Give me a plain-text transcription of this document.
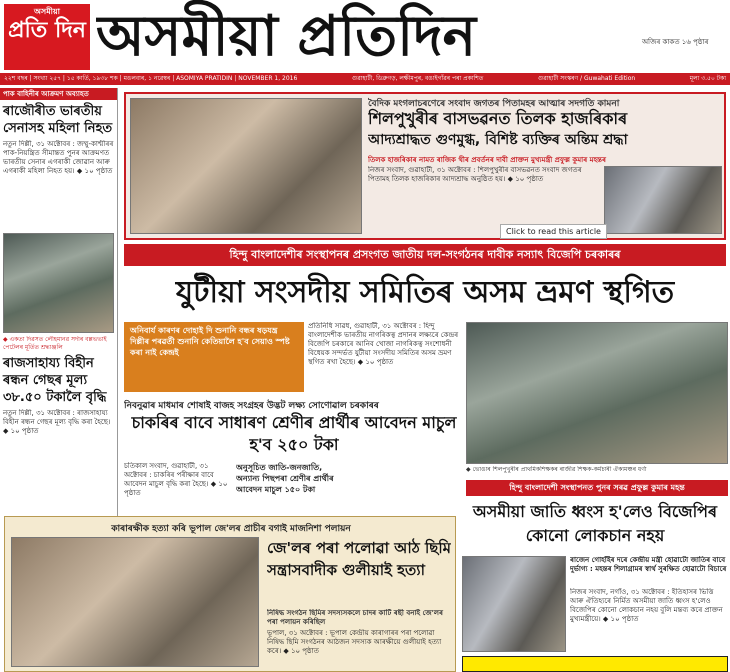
অসমীয়া
প্ৰতি দিন অসমীয়া প্ৰতিদিন	অজিৰ কাকত ১৬ পৃষ্ঠাৰ
২২শ বছৰ | সংখ্যা ২৫৭ | ১৫ কাৰ্তি, ১৯৩৮ শক | মঙলবাৰ, ১ নৱেম্বৰ | ASOMIYA PRATIDIN | NOVEMBER 1, 2016	গুৱাহাটী, ডিব্ৰুগড়, লক্ষীমপুৰ, বঙাইগাঁৱৰ পৰা প্ৰকাশিত	গুৱাহাটী সংস্কৰণ / Guwahati Edition	মূল্য ৩.৫০ টকা
পাক বাহিনীৰ আক্ৰমণ অব্যাহত
ৰাজৌৰীত ভাৰতীয় সেনাসহ মহিলা নিহত
নতুন দিল্লী, ৩১ অক্টোবৰ : জম্মু-কাশ্মীৰৰ পাক-নিয়ন্ত্ৰিত সীমান্তত পুনৰ আক্ৰমণত ভাৰতীয় সেনাৰ এগৰাকী জোৱান আৰু এগৰাকী মহিলা নিহত হয়। ◆ ১০ পৃষ্ঠাত
◆ একতা দিৱসত লৌহমানৱ সৰ্দাৰ বল্লভভাই পেটেলৰ মূৰ্তিত শ্ৰদ্ধাঞ্জলি
ৰাজসাহায্য বিহীন ৰন্ধন গেছৰ মূল্য ৩৮.৫০ টকালৈ বৃদ্ধি
নতুন দিল্লী, ৩১ অক্টোবৰ : ৰাজসাহায্য বিহীন ৰন্ধন গেছৰ মূল্য বৃদ্ধি কৰা হৈছে। ◆ ১০ পৃষ্ঠাত
বৈদিক মংগলাচৰণেৰে সংবাদ জগতৰ পিতামহৰ আত্মাৰ সদগতি কামনা
শিলপুখুৰীৰ বাসভৱনত তিলক হাজৰিকাৰ
আদ্যশ্ৰাদ্ধত গুণমুগ্ধ, বিশিষ্ট ব্যক্তিৰ অন্তিম শ্ৰদ্ধা
তিলক হাজৰিকাৰ নামত ৰাজিক থীৰ প্ৰবৰ্তনৰ দাবী প্ৰাক্তন মুখ্যমন্ত্ৰী প্ৰফুল্ল কুমাৰ মহন্তৰ
নিজৰ সংবাদ, গুৱাহাটী, ৩১ অক্টোবৰ : শিলপুখুৰীৰ বাসভৱনত সংবাদ জগতৰ পিতামহ তিলক হাজৰিকাৰ আদ্যশ্ৰাদ্ধ অনুষ্ঠিত হয়। ◆ ১০ পৃষ্ঠাত
Click to read this article
হিন্দু বাংলাদেশীৰ সংস্থাপনৰ প্ৰসংগত জাতীয় দল-সংগঠনৰ দাবীক নস্যাৎ বিজেপি চৰকাৰৰ
যুটীয়া সংসদীয় সমিতিৰ অসম ভ্ৰমণ স্থগিত
অনিবাৰ্য কাৰণৰ দোহাই দি শুনানি বন্ধৰ ষড়যন্ত্ৰ দিল্লীৰ পৰৱৰ্তী শুনানি কেতিয়ালৈ হ'ব সেয়াও স্পষ্ট কৰা নাই কেন্দ্ৰই
প্ৰতিনিধি সাৱধ, গুৱাহাটী, ৩১ অক্টোবৰ : হিন্দু বাংলাদেশীক ভাৰতীয় নাগৰিকত্ব প্ৰদানৰ লক্ষ্যৰে কেন্দ্ৰৰ বিজেপি চৰকাৰে আনিব খোজা নাগৰিকত্ব সংশোধনী বিধেয়ক সন্দৰ্ভত যুটীয়া সংসদীয় সমিতিৰ অসম ভ্ৰমণ স্থগিত ৰখা হৈছে। ◆ ১০ পৃষ্ঠাত
◆ ভোঙাৰ শিলপুখুৰীৰ প্ৰাথমিকশিক্ষকৰ ৰাজীৱ শিক্ষক-কৰ্মচাৰী ঐক্যমঞ্চৰ ধৰ্ণা
নিবনুৱাৰ মাধমাৰ শোষাই বাজহ সংগ্ৰহৰ উদ্ভট লক্ষ্য সোণোৱাল চৰকাৰৰ
চাকৰিৰ বাবে সাধাৰণ শ্ৰেণীৰ প্ৰাৰ্থীৰ আবেদন মাচুল হ'ব ২৫০ টকা
চতিকাল সংবাদ, গুৱাহাটী, ৩১ অক্টোবৰ : চাকৰিৰ পৰীক্ষাৰ বাবে আবেদন মাচুল বৃদ্ধি কৰা হৈছে। ◆ ১০ পৃষ্ঠাত
অনুসূচিত জাতি-জনজাতি, অন্যান্য পিছপৰা শ্ৰেণীৰ প্ৰাৰ্থীৰ আবেদন মাচুল ১৫০ টকা	হিন্দু বাংলাদেশী সংস্থাপনত পুনৰ সৰৱ প্ৰফুল্ল কুমাৰ মহন্ত
অসমীয়া জাতি ধ্বংস হ'লেও বিজেপিৰ কোনো লোকচান নহয়
ৰাজেন গোহাঁইৰ দৰে কেন্দ্ৰীয় মন্ত্ৰী হোৱাটো জাতিৰ বাবে দুৰ্ভাগ্য : মহন্তৰ শিলাগ্ৰামৰ স্বাৰ্থ সুৰক্ষিত হোৱাটো বিচাৰে
নিজৰ সংবাদ, নগাঁও, ৩১ অক্টোবৰ : ইতিহাসৰ ভিত্তি আৰু ঐতিহ্যৰে নিৰ্মিত অসমীয়া জাতি ধ্বংস হ'লেও বিজেপিৰ কোনো লোকচান নহয় বুলি মন্তব্য কৰে প্ৰাক্তন মুখ্যমন্ত্ৰীয়ে। ◆ ১০ পৃষ্ঠাত
কাৰাৰক্ষীক হত্যা কৰি ভূপাল জে'লৰ প্ৰাচীৰ বগাই মাজনিশা পলায়ন
জে'লৰ পৰা পলোৱা আঠ ছিমি সন্ত্ৰাসবাদীক গুলীয়াই হত্যা
নিষিদ্ধ সংগঠন ছিমিৰ সদস্যসকলে চাদৰ কাটি ৰছী বনাই জে'লৰ পৰা পলায়ন কৰিছিল
ভূপাল, ৩১ অক্টোবৰ : ভূপাল কেন্দ্ৰীয় কাৰাগাৰৰ পৰা পলোৱা নিষিদ্ধ ছিমি সংগঠনৰ আঠজন সদস্যক আৰক্ষীয়ে গুলীয়াই হত্যা কৰে। ◆ ১০ পৃষ্ঠাত
